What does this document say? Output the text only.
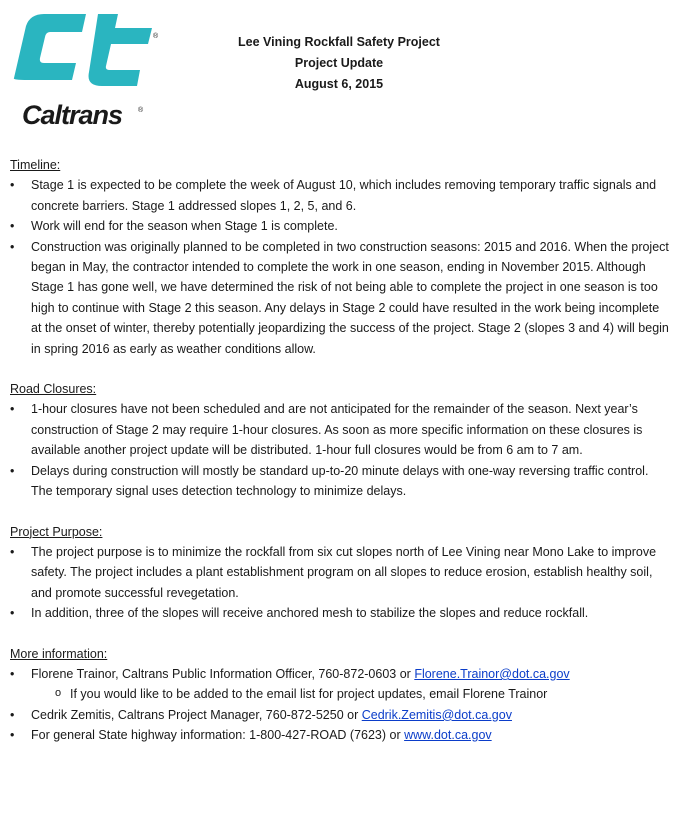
®
Caltrans ®
Lee Vining Rockfall Safety Project
Project Update
August 6, 2015

Timeline:

• Stage 1 is expected to be complete the week of August 10, which includes removing temporary traffic signals and concrete barriers. Stage 1 addressed slopes 1, 2, 5, and 6.
• Work will end for the season when Stage 1 is complete.
• Construction was originally planned to be completed in two construction seasons: 2015 and 2016. When the project began in May, the contractor intended to complete the work in one season, ending in November 2015. Although Stage 1 has gone well, we have determined the risk of not being able to complete the project in one season is too high to continue with Stage 2 this season. Any delays in Stage 2 could have resulted in the work being incomplete at the onset of winter, thereby potentially jeopardizing the success of the project. Stage 2 (slopes 3 and 4) will begin in spring 2016 as early as weather conditions allow.

Road Closures:

• 1-hour closures have not been scheduled and are not anticipated for the remainder of the season. Next year’s construction of Stage 2 may require 1-hour closures. As soon as more specific information on these closures is available another project update will be distributed. 1-hour full closures would be from 6 am to 7 am.
• Delays during construction will mostly be standard up-to-20 minute delays with one-way reversing traffic control. The temporary signal uses detection technology to minimize delays.

Project Purpose:

• The project purpose is to minimize the rockfall from six cut slopes north of Lee Vining near Mono Lake to improve safety. The project includes a plant establishment program on all slopes to reduce erosion, establish healthy soil, and promote successful revegetation.
• In addition, three of the slopes will receive anchored mesh to stabilize the slopes and reduce rockfall.

More information:

• Florene Trainor, Caltrans Public Information Officer, 760-872-0603 or Florene.Trainor@dot.ca.gov
o If you would like to be added to the email list for project updates, email Florene Trainor
• Cedrik Zemitis, Caltrans Project Manager, 760-872-5250 or Cedrik.Zemitis@dot.ca.gov
• For general State highway information: 1-800-427-ROAD (7623) or www.dot.ca.gov
